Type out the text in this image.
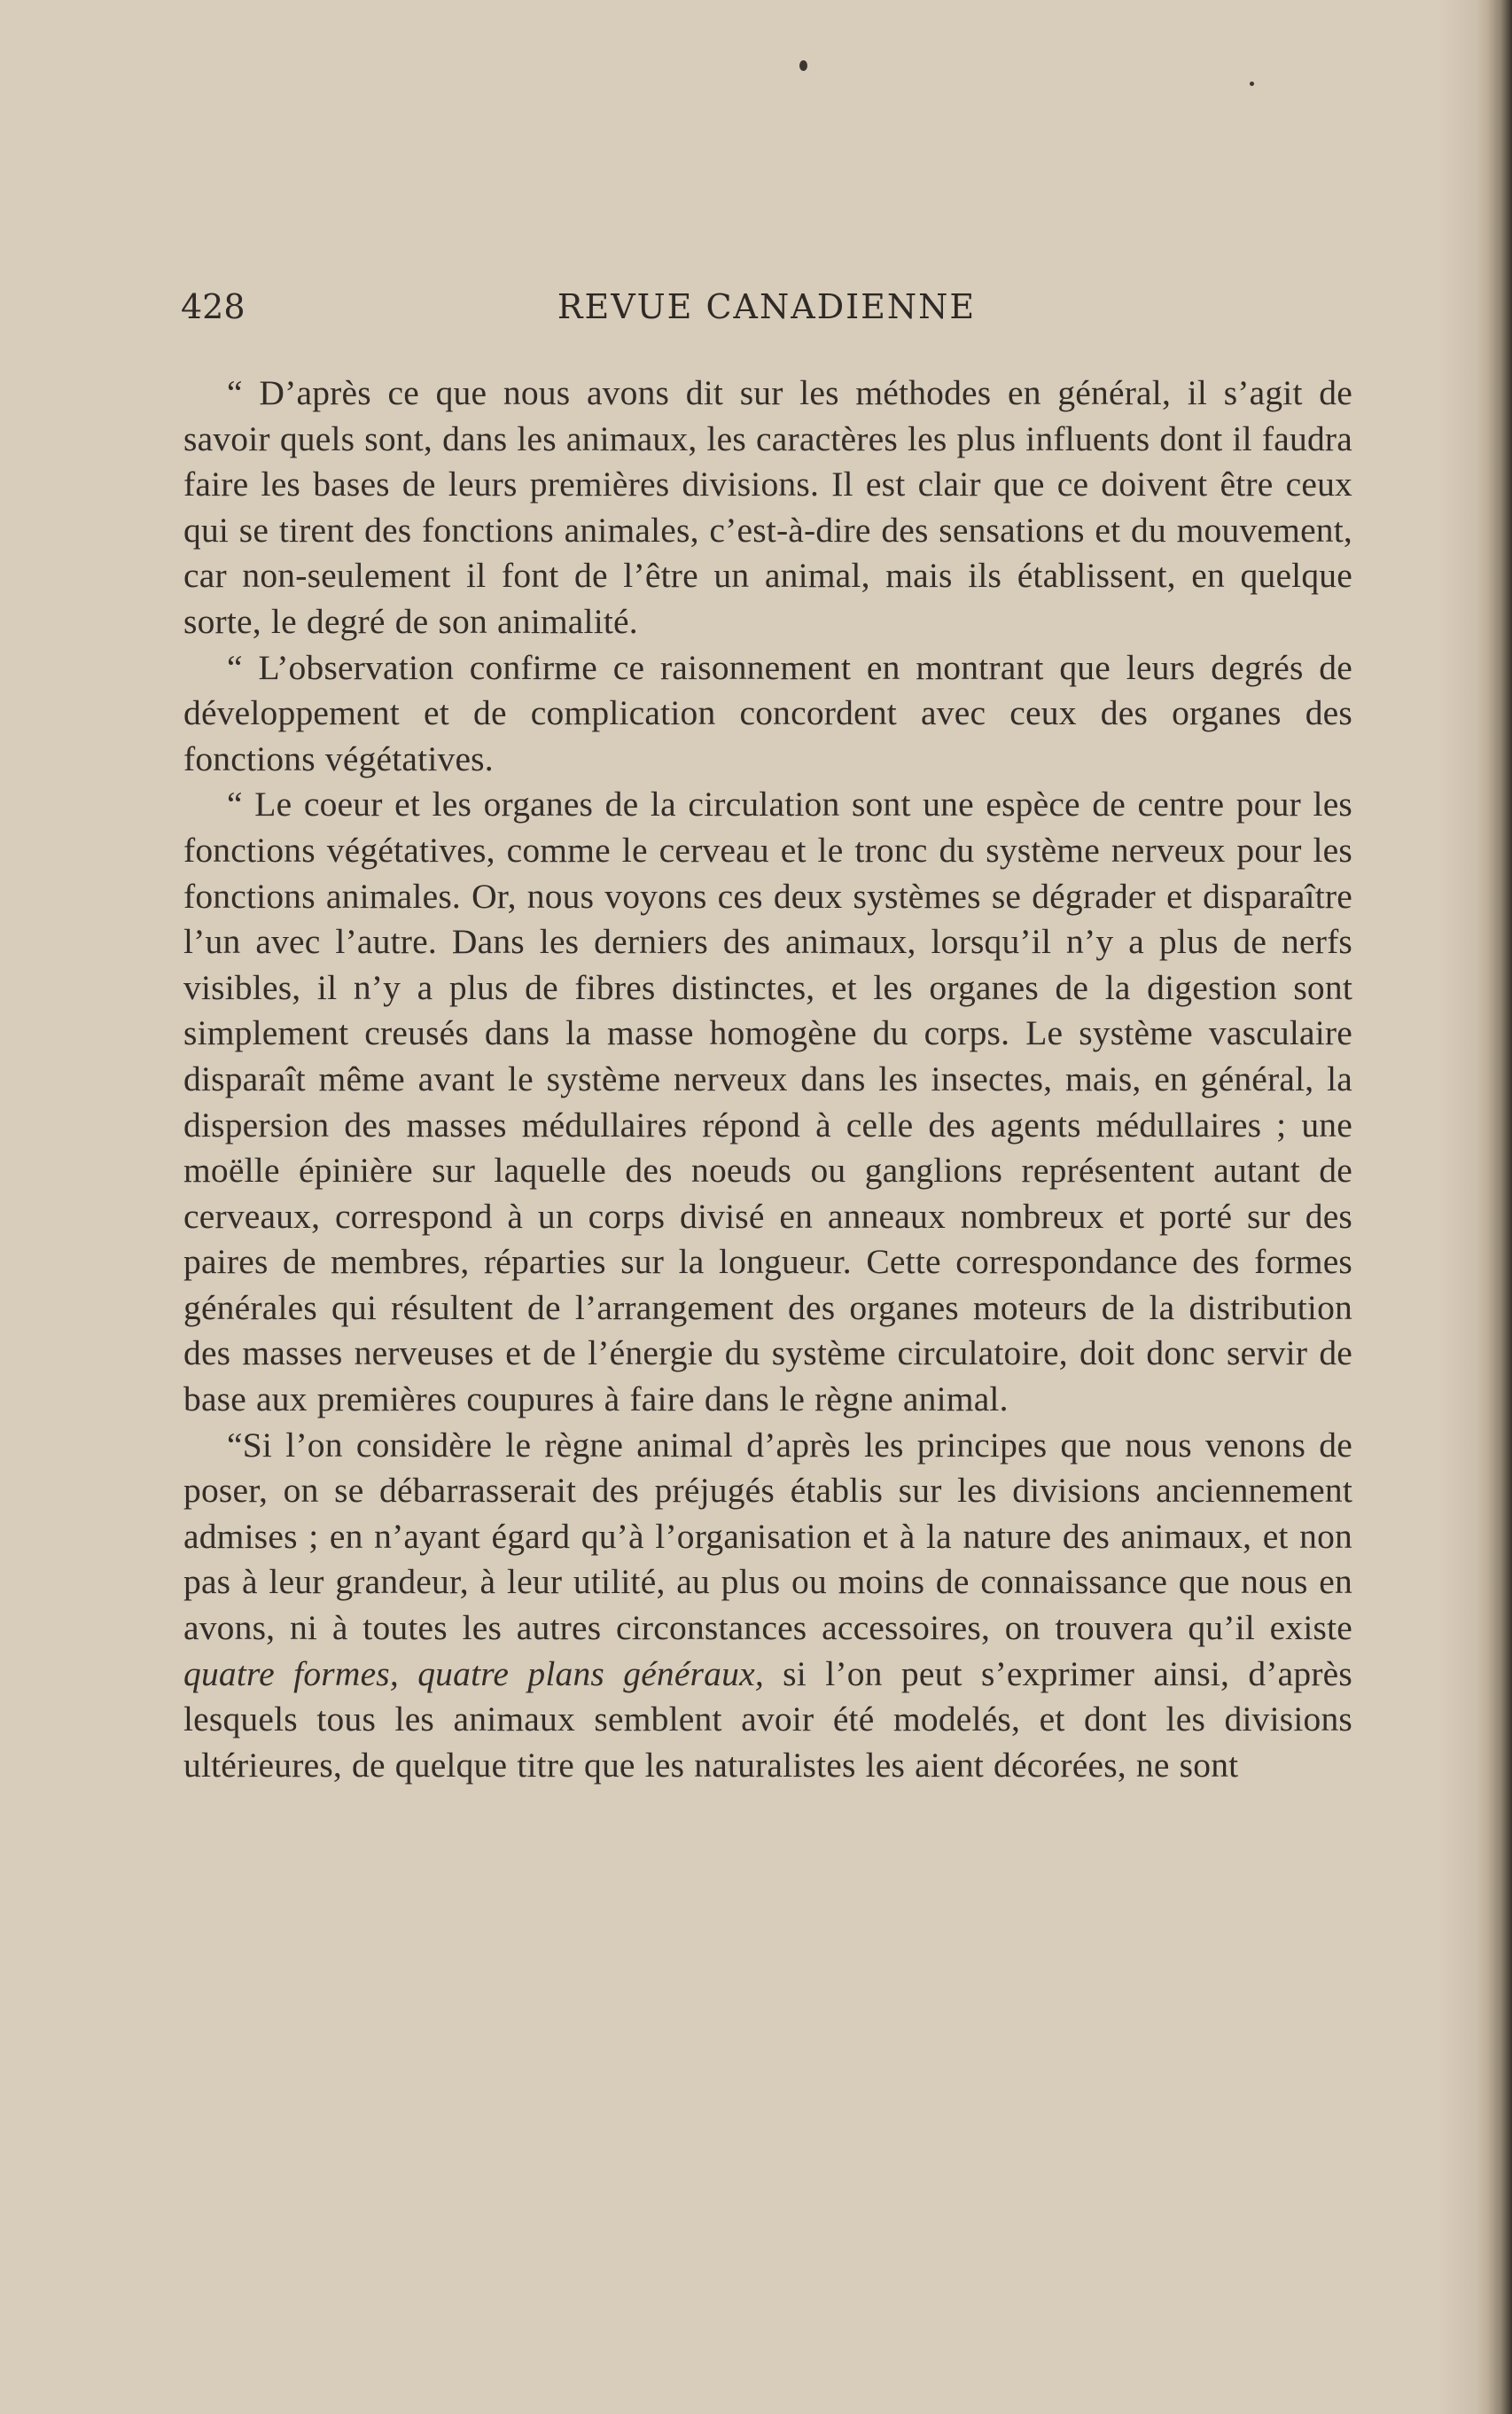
428	REVUE CANADIENNE

“ D’après ce que nous avons dit sur les méthodes en général, il s’agit de savoir quels sont, dans les animaux, les caractères les plus influents dont il faudra faire les bases de leurs premières divisions. Il est clair que ce doivent être ceux qui se tirent des fonctions animales, c’est-à-dire des sensations et du mouvement, car non-seulement il font de l’être un animal, mais ils établissent, en quelque sorte, le degré de son animalité.

“ L’observation confirme ce raisonnement en montrant que leurs degrés de développement et de complication concordent avec ceux des organes des fonctions végétatives.

“ Le coeur et les organes de la circulation sont une espèce de centre pour les fonctions végétatives, comme le cerveau et le tronc du système nerveux pour les fonctions animales. Or, nous voyons ces deux systèmes se dégrader et disparaître l’un avec l’autre. Dans les derniers des animaux, lorsqu’il n’y a plus de nerfs visibles, il n’y a plus de fibres distinctes, et les organes de la digestion sont simplement creusés dans la masse homogène du corps. Le système vasculaire disparaît même avant le système nerveux dans les insectes, mais, en général, la dispersion des masses médullaires répond à celle des agents médullaires ; une moëlle épinière sur laquelle des noeuds ou ganglions représentent autant de cerveaux, correspond à un corps divisé en anneaux nombreux et porté sur des paires de membres, réparties sur la longueur. Cette correspondance des formes générales qui résultent de l’arrangement des organes moteurs de la distribution des masses nerveuses et de l’énergie du système circulatoire, doit donc servir de base aux premières coupures à faire dans le règne animal.

“Si l’on considère le règne animal d’après les principes que nous venons de poser, on se débarrasserait des préjugés établis sur les divisions anciennement admises ; en n’ayant égard qu’à l’organisation et à la nature des animaux, et non pas à leur grandeur, à leur utilité, au plus ou moins de connaissance que nous en avons, ni à toutes les autres circonstances accessoires, on trouvera qu’il existe quatre formes, quatre plans généraux, si l’on peut s’exprimer ainsi, d’après lesquels tous les animaux semblent avoir été modelés, et dont les divisions ultérieures, de quelque titre que les naturalistes les aient décorées, ne sont
